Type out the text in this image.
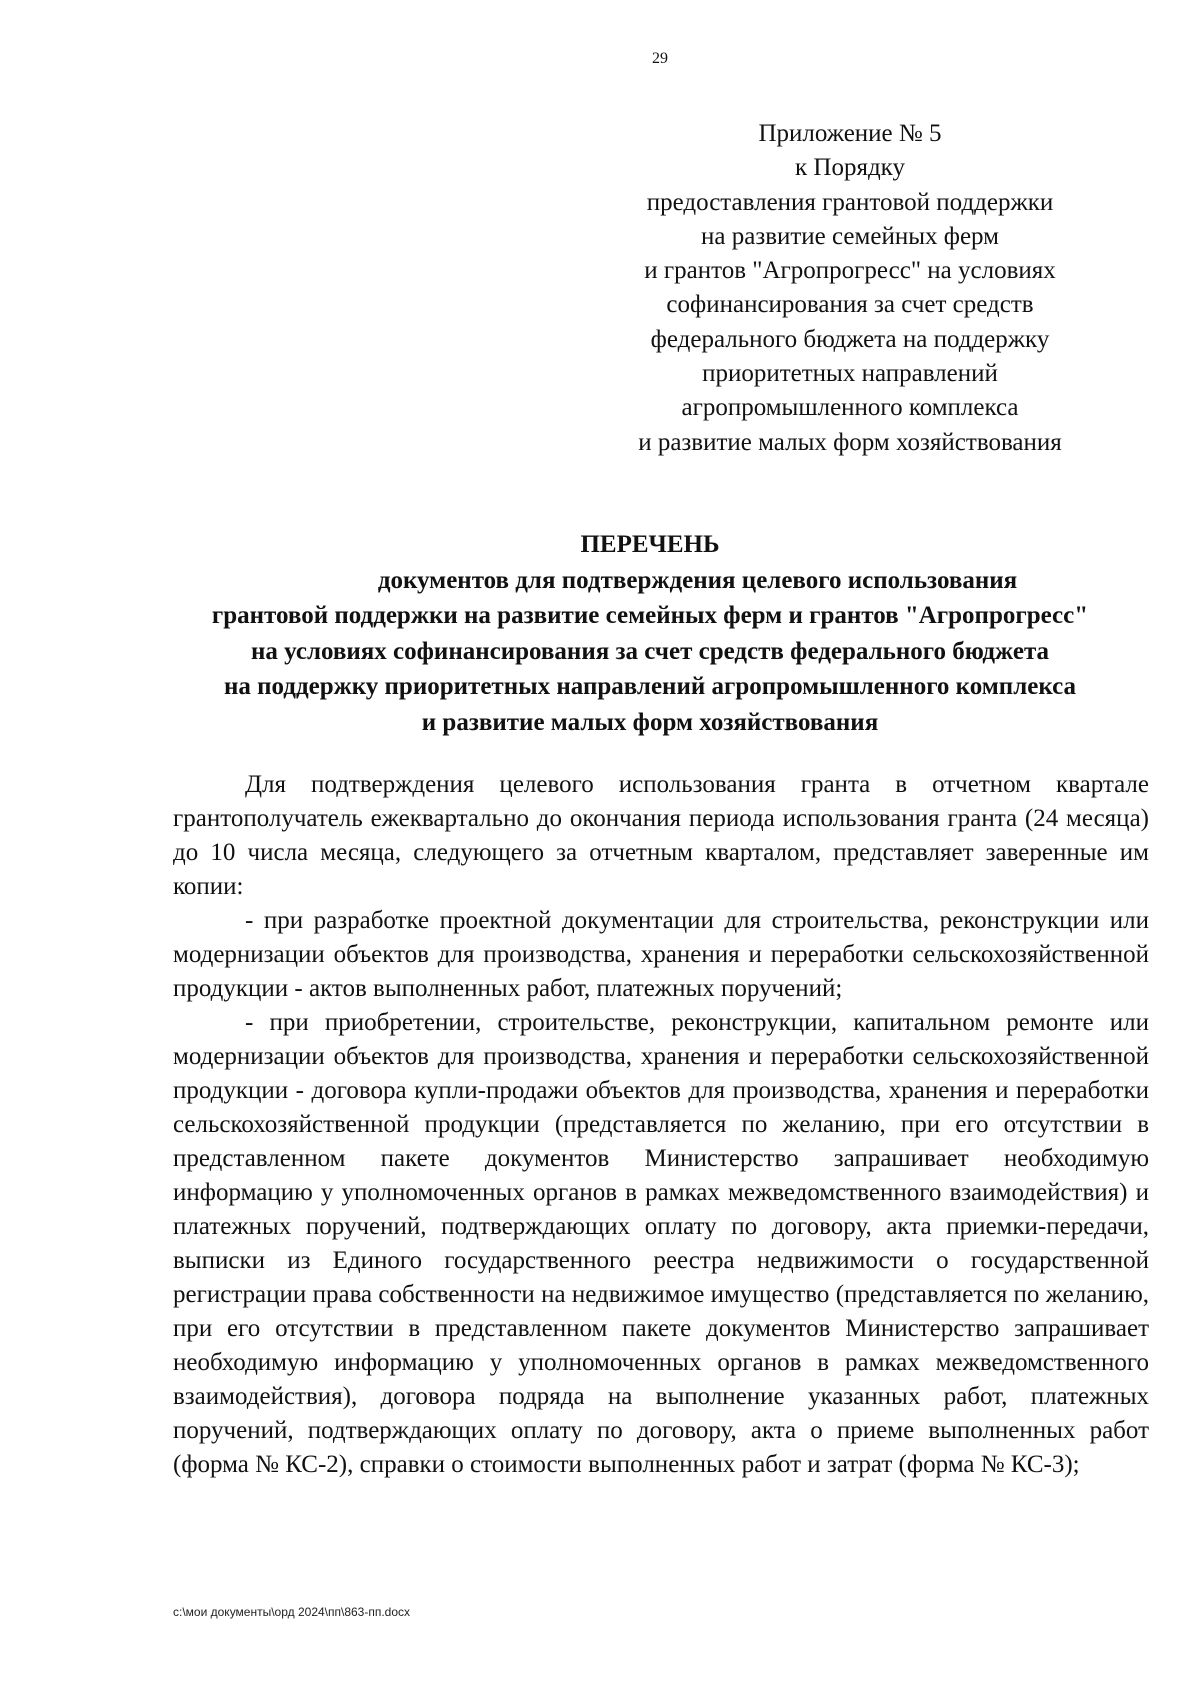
29
Приложение № 5
к Порядку
предоставления грантовой поддержки
на развитие семейных ферм
и грантов "Агропрогресс" на условиях
софинансирования за счет средств
федерального бюджета на поддержку
приоритетных направлений
агропромышленного комплекса
и развитие малых форм хозяйствования
ПЕРЕЧЕНЬ
документов для подтверждения целевого использования
грантовой поддержки на развитие семейных ферм и грантов "Агропрогресс"
на условиях софинансирования за счет средств федерального бюджета
на поддержку приоритетных направлений агропромышленного комплекса
и развитие малых форм хозяйствования

Для подтверждения целевого использования гранта в отчетном квартале грантополучатель ежеквартально до окончания периода использования гранта (24 месяца) до 10 числа месяца, следующего за отчетным кварталом, представляет заверенные им копии:

- при разработке проектной документации для строительства, реконструкции или модернизации объектов для производства, хранения и переработки сельскохозяйственной продукции - актов выполненных работ, платежных поручений;

- при приобретении, строительстве, реконструкции, капитальном ремонте или модернизации объектов для производства, хранения и переработки сельскохозяйственной продукции - договора купли-продажи объектов для производства, хранения и переработки сельскохозяйственной продукции (представляется по желанию, при его отсутствии в представленном пакете документов Министерство запрашивает необходимую информацию у уполномоченных органов в рамках межведомственного взаимодействия) и платежных поручений, подтверждающих оплату по договору, акта приемки-передачи, выписки из Единого государственного реестра недвижимости о государственной регистрации права собственности на недвижимое имущество (представляется по желанию, при его отсутствии в представленном пакете документов Министерство запрашивает необходимую информацию у уполномоченных органов в рамках межведомственного взаимодействия), договора подряда на выполнение указанных работ, платежных поручений, подтверждающих оплату по договору, акта о приеме выполненных работ (форма № КС-2), справки о стоимости выполненных работ и затрат (форма № КС-3);

c:\мои документы\орд 2024\пп\863-пп.docx
